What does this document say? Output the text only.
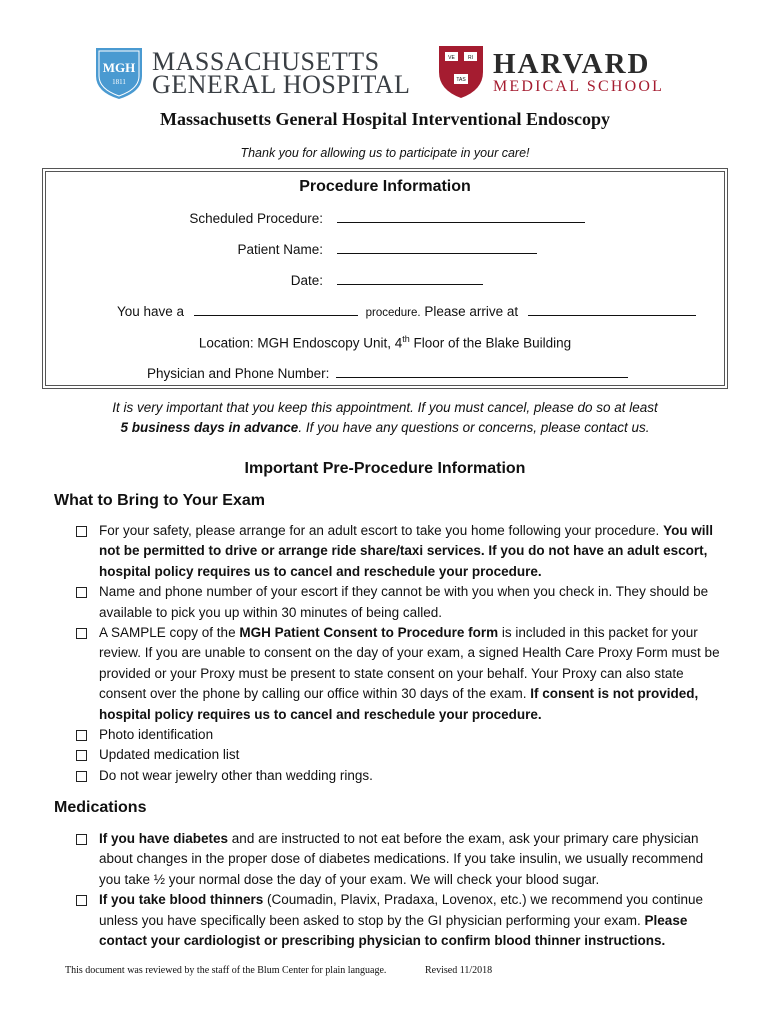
MGH
1811
MASSACHUSETTS
GENERAL HOSPITAL
VE	RI
TAS HARVARD
MEDICAL SCHOOL
Massachusetts General Hospital Interventional Endoscopy
Thank you for allowing us to participate in your care!
Procedure Information
Scheduled Procedure:
Patient Name:
Date:
You have a	procedure. Please arrive at
Location: MGH Endoscopy Unit, 4th Floor of the Blake Building
Physician and Phone Number:
It is very important that you keep this appointment. If you must cancel, please do so at least
5 business days in advance. If you have any questions or concerns, please contact us.
Important Pre-Procedure Information
What to Bring to Your Exam
For your safety, please arrange for an adult escort to take you home following your procedure. You will not be permitted to drive or arrange ride share/taxi services. If you do not have an adult escort, hospital policy requires us to cancel and reschedule your procedure.
Name and phone number of your escort if they cannot be with you when you check in. They should be available to pick you up within 30 minutes of being called.
A SAMPLE copy of the MGH Patient Consent to Procedure form is included in this packet for your review. If you are unable to consent on the day of your exam, a signed Health Care Proxy Form must be provided or your Proxy must be present to state consent on your behalf. Your Proxy can also state consent over the phone by calling our office within 30 days of the exam. If consent is not provided, hospital policy requires us to cancel and reschedule your procedure.
Photo identification
Updated medication list
Do not wear jewelry other than wedding rings.
Medications
If you have diabetes and are instructed to not eat before the exam, ask your primary care physician about changes in the proper dose of diabetes medications. If you take insulin, we usually recommend you take ½ your normal dose the day of your exam. We will check your blood sugar.
If you take blood thinners (Coumadin, Plavix, Pradaxa, Lovenox, etc.) we recommend you continue unless you have specifically been asked to stop by the GI physician performing your exam. Please contact your cardiologist or prescribing physician to confirm blood thinner instructions.
This document was reviewed by the staff of the Blum Center for plain language.	Revised 11/2018
